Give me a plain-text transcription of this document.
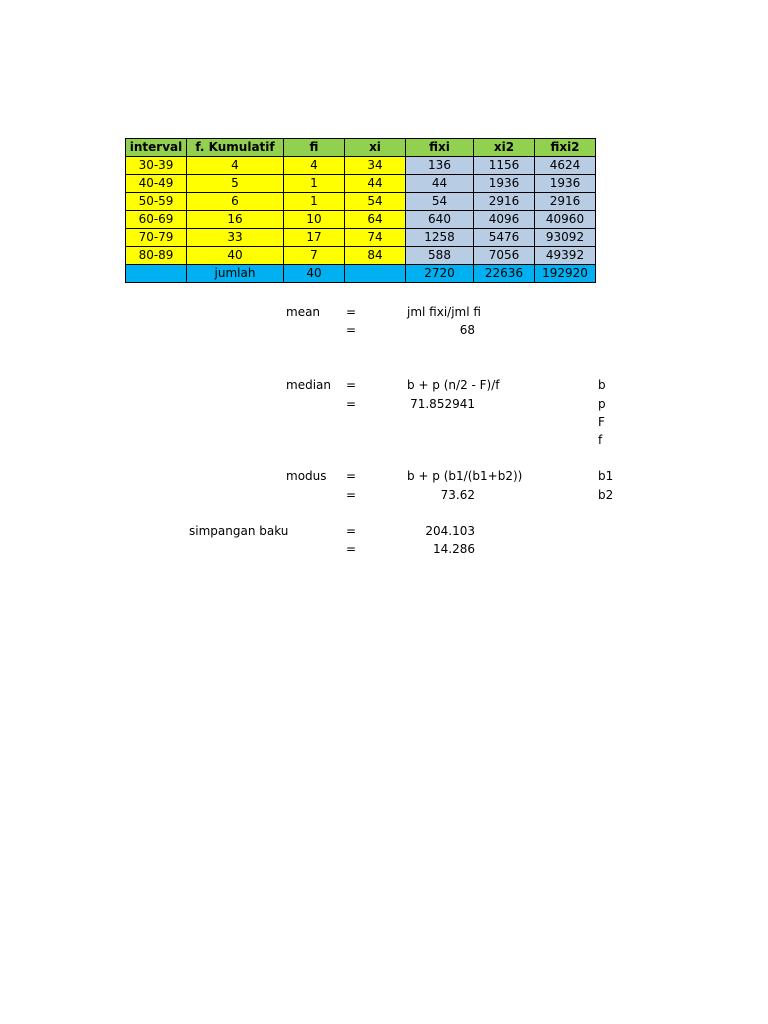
interval	f. Kumulatif	fi	xi	fixi	xi2	fixi2
30-39	4	4	34	136	1156	4624
40-49	5	1	44	44	1936	1936
50-59	6	1	54	54	2916	2916
60-69	16	10	64	640	4096	40960
70-79	33	17	74	1258	5476	93092
80-89	40	7	84	588	7056	49392
	jumlah	40		2720	22636	192920
mean =	jml fixi/jml fi
=	68
median =	b + p (n/2 - F)/f
=	71.852941
b
p
F
f
modus =	b + p (b1/(b1+b2))
=	73.62
b1
b2
simpangan baku	=	204.103
=	14.286
